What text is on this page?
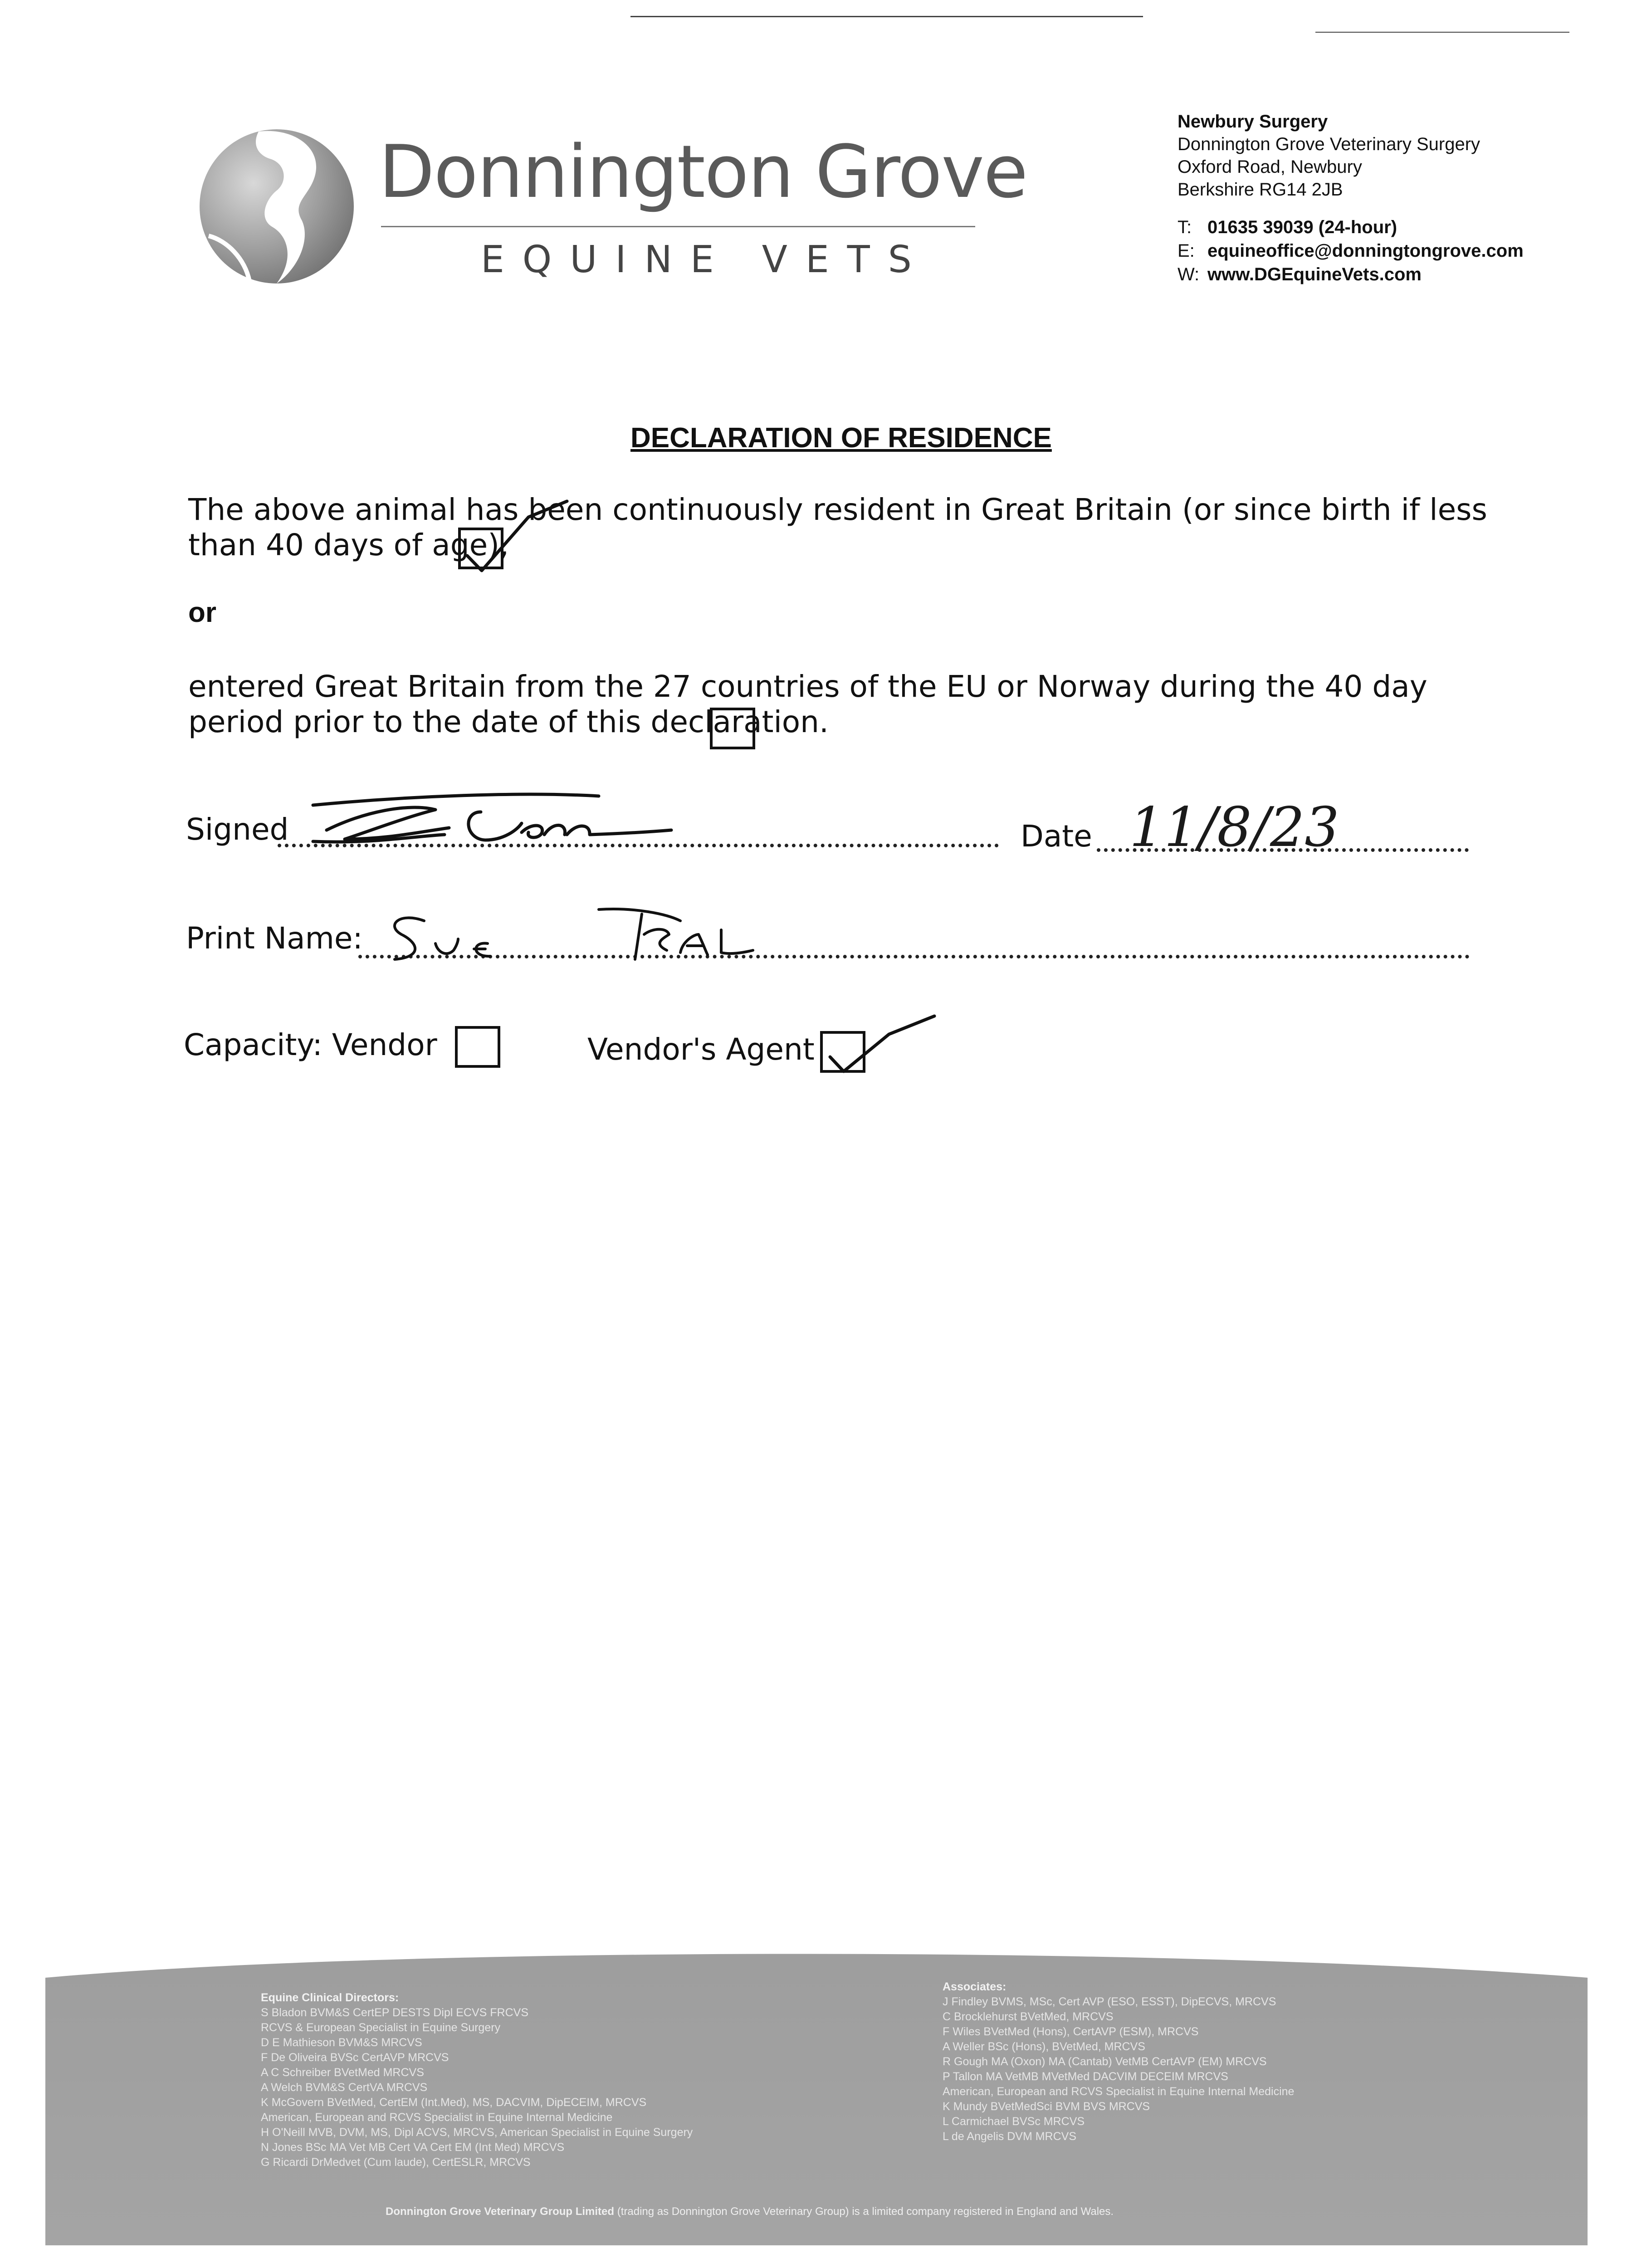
Donnington Grove
EQUINE VETS
Newbury Surgery
Donnington Grove Veterinary Surgery
Oxford Road, Newbury
Berkshire RG14 2JB
T: 01635 39039 (24-hour)
E: equineoffice@donningtongrove.com
W: www.DGEquineVets.com
DECLARATION OF RESIDENCE
The above animal has been continuously resident in Great Britain (or since birth if less than 40 days of age),
or
entered Great Britain from the 27 countries of the EU or Norway during the 40 day period prior to the date of this declaration.
Signed	Date 11/8/23
Print Name:
Capacity: Vendor	Vendor's Agent
Equine Clinical Directors:
S Bladon BVM&S CertEP DESTS Dipl ECVS FRCVS
RCVS & European Specialist in Equine Surgery
D E Mathieson BVM&S MRCVS
F De Oliveira BVSc CertAVP MRCVS
A C Schreiber BVetMed MRCVS
A Welch BVM&S CertVA MRCVS
K McGovern BVetMed, CertEM (Int.Med), MS, DACVIM, DipECEIM, MRCVS
American, European and RCVS Specialist in Equine Internal Medicine
H O'Neill MVB, DVM, MS, Dipl ACVS, MRCVS, American Specialist in Equine Surgery
N Jones BSc MA Vet MB Cert VA Cert EM (Int Med) MRCVS
G Ricardi DrMedvet (Cum laude), CertESLR, MRCVS
Associates:
J Findley BVMS, MSc, Cert AVP (ESO, ESST), DipECVS, MRCVS
C Brocklehurst BVetMed, MRCVS
F Wiles BVetMed (Hons), CertAVP (ESM), MRCVS
A Weller BSc (Hons), BVetMed, MRCVS
R Gough MA (Oxon) MA (Cantab) VetMB CertAVP (EM) MRCVS
P Tallon MA VetMB MVetMed DACVIM DECEIM MRCVS
American, European and RCVS Specialist in Equine Internal Medicine
K Mundy BVetMedSci BVM BVS MRCVS
L Carmichael BVSc MRCVS
L de Angelis DVM MRCVS
Donnington Grove Veterinary Group Limited (trading as Donnington Grove Veterinary Group) is a limited company registered in England and Wales.
